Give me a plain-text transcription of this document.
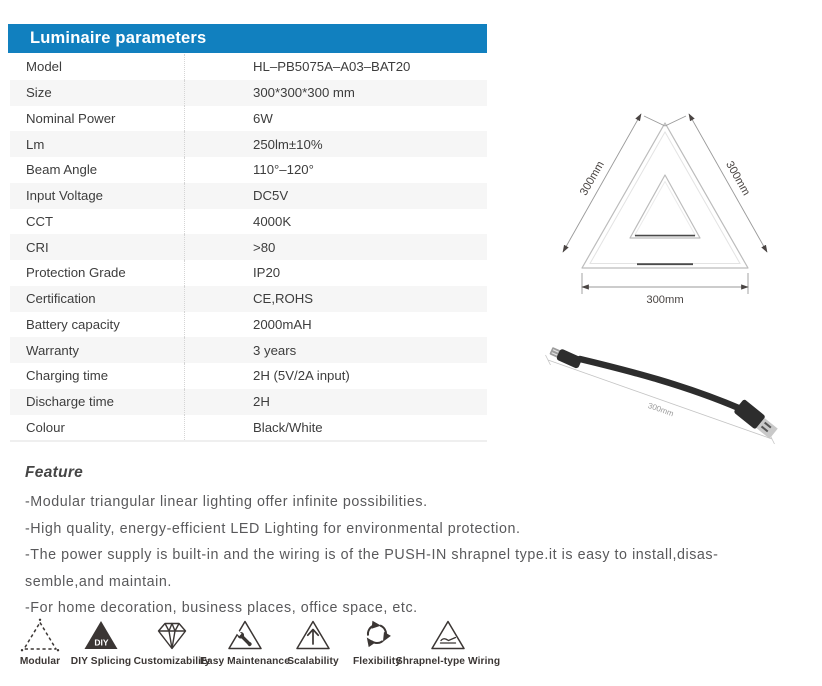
Luminaire parameters
Model	HL–PB5075A–A03–BAT20
Size	300*300*300 mm
Nominal Power	6W
Lm	250lm±10%
Beam Angle	110°–120°
Input Voltage	DC5V
CCT	4000K
CRI	>80
Protection Grade	IP20
Certification	CE,ROHS
Battery capacity	2000mAH
Warranty	3 years
Charging time	2H (5V/2A input)
Discharge time	2H
Colour	Black/White
300mm	300mm
300mm
300mm
Feature
-Modular triangular linear lighting offer infinite possibilities.
-High quality, energy-efficient LED Lighting for environmental protection.
-The power supply is built-in and the wiring is of the PUSH-IN shrapnel type.it is easy to install,disas-
semble,and maintain.
-For home decoration, business places, office space, etc.
Modular
DIY
DIY Splicing Customizability
Easy Maintenance
Scalability	Flexibility
Shrapnel-type Wiring
